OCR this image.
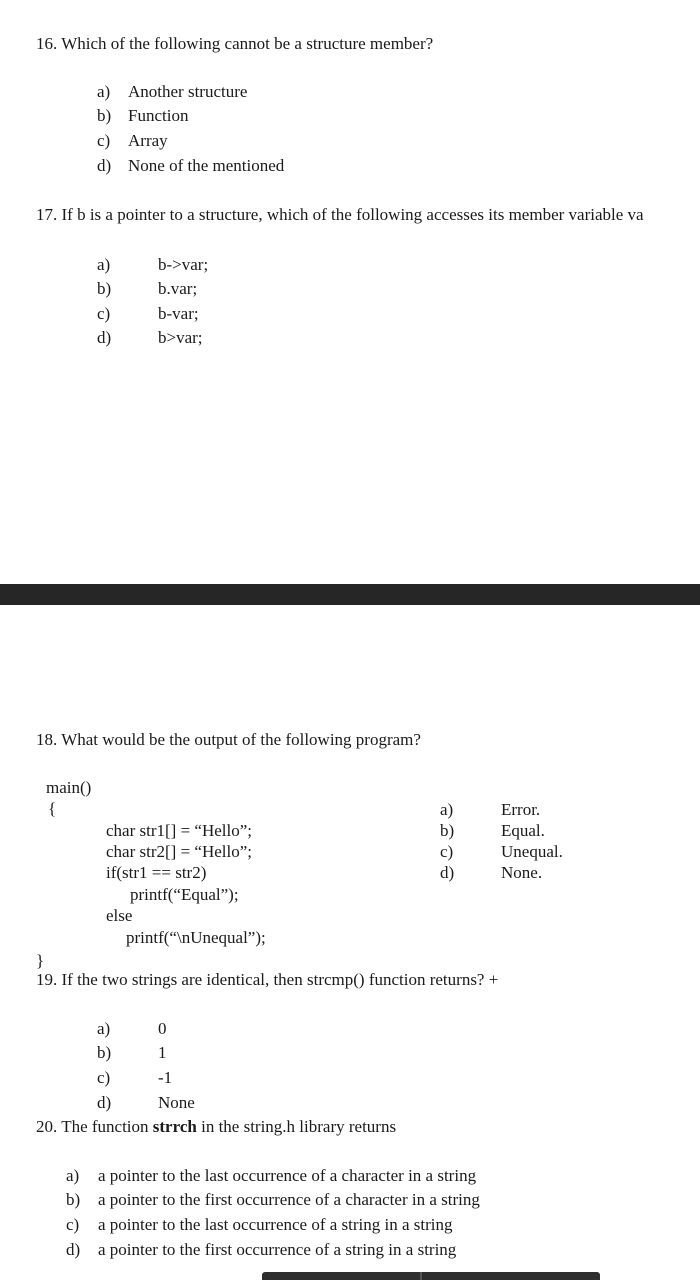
16. Which of the following cannot be a structure member?
a) Another structure
b) Function
c) Array
d) None of the mentioned
17. If b is a pointer to a structure, which of the following accesses its member variable va
a)	b->var;
b)	b.var;
c)	b-var;
d)	b>var;
18. What would be the output of the following program?
main()
{
char str1[] = “Hello”;
char str2[] = “Hello”;
if(str1 == str2)
printf(“Equal”);
else
printf(“\nUnequal”);
}
a)	Error.
b)	Equal.
c)	Unequal.
d)	None.
19. If the two strings are identical, then strcmp() function returns? +
a)	0
b)	1
c)	-1
d)	None
20. The function strrch in the string.h library returns
a) a pointer to the last occurrence of a character in a string
b) a pointer to the first occurrence of a character in a string
c) a pointer to the last occurrence of a string in a string
d) a pointer to the first occurrence of a string in a string
